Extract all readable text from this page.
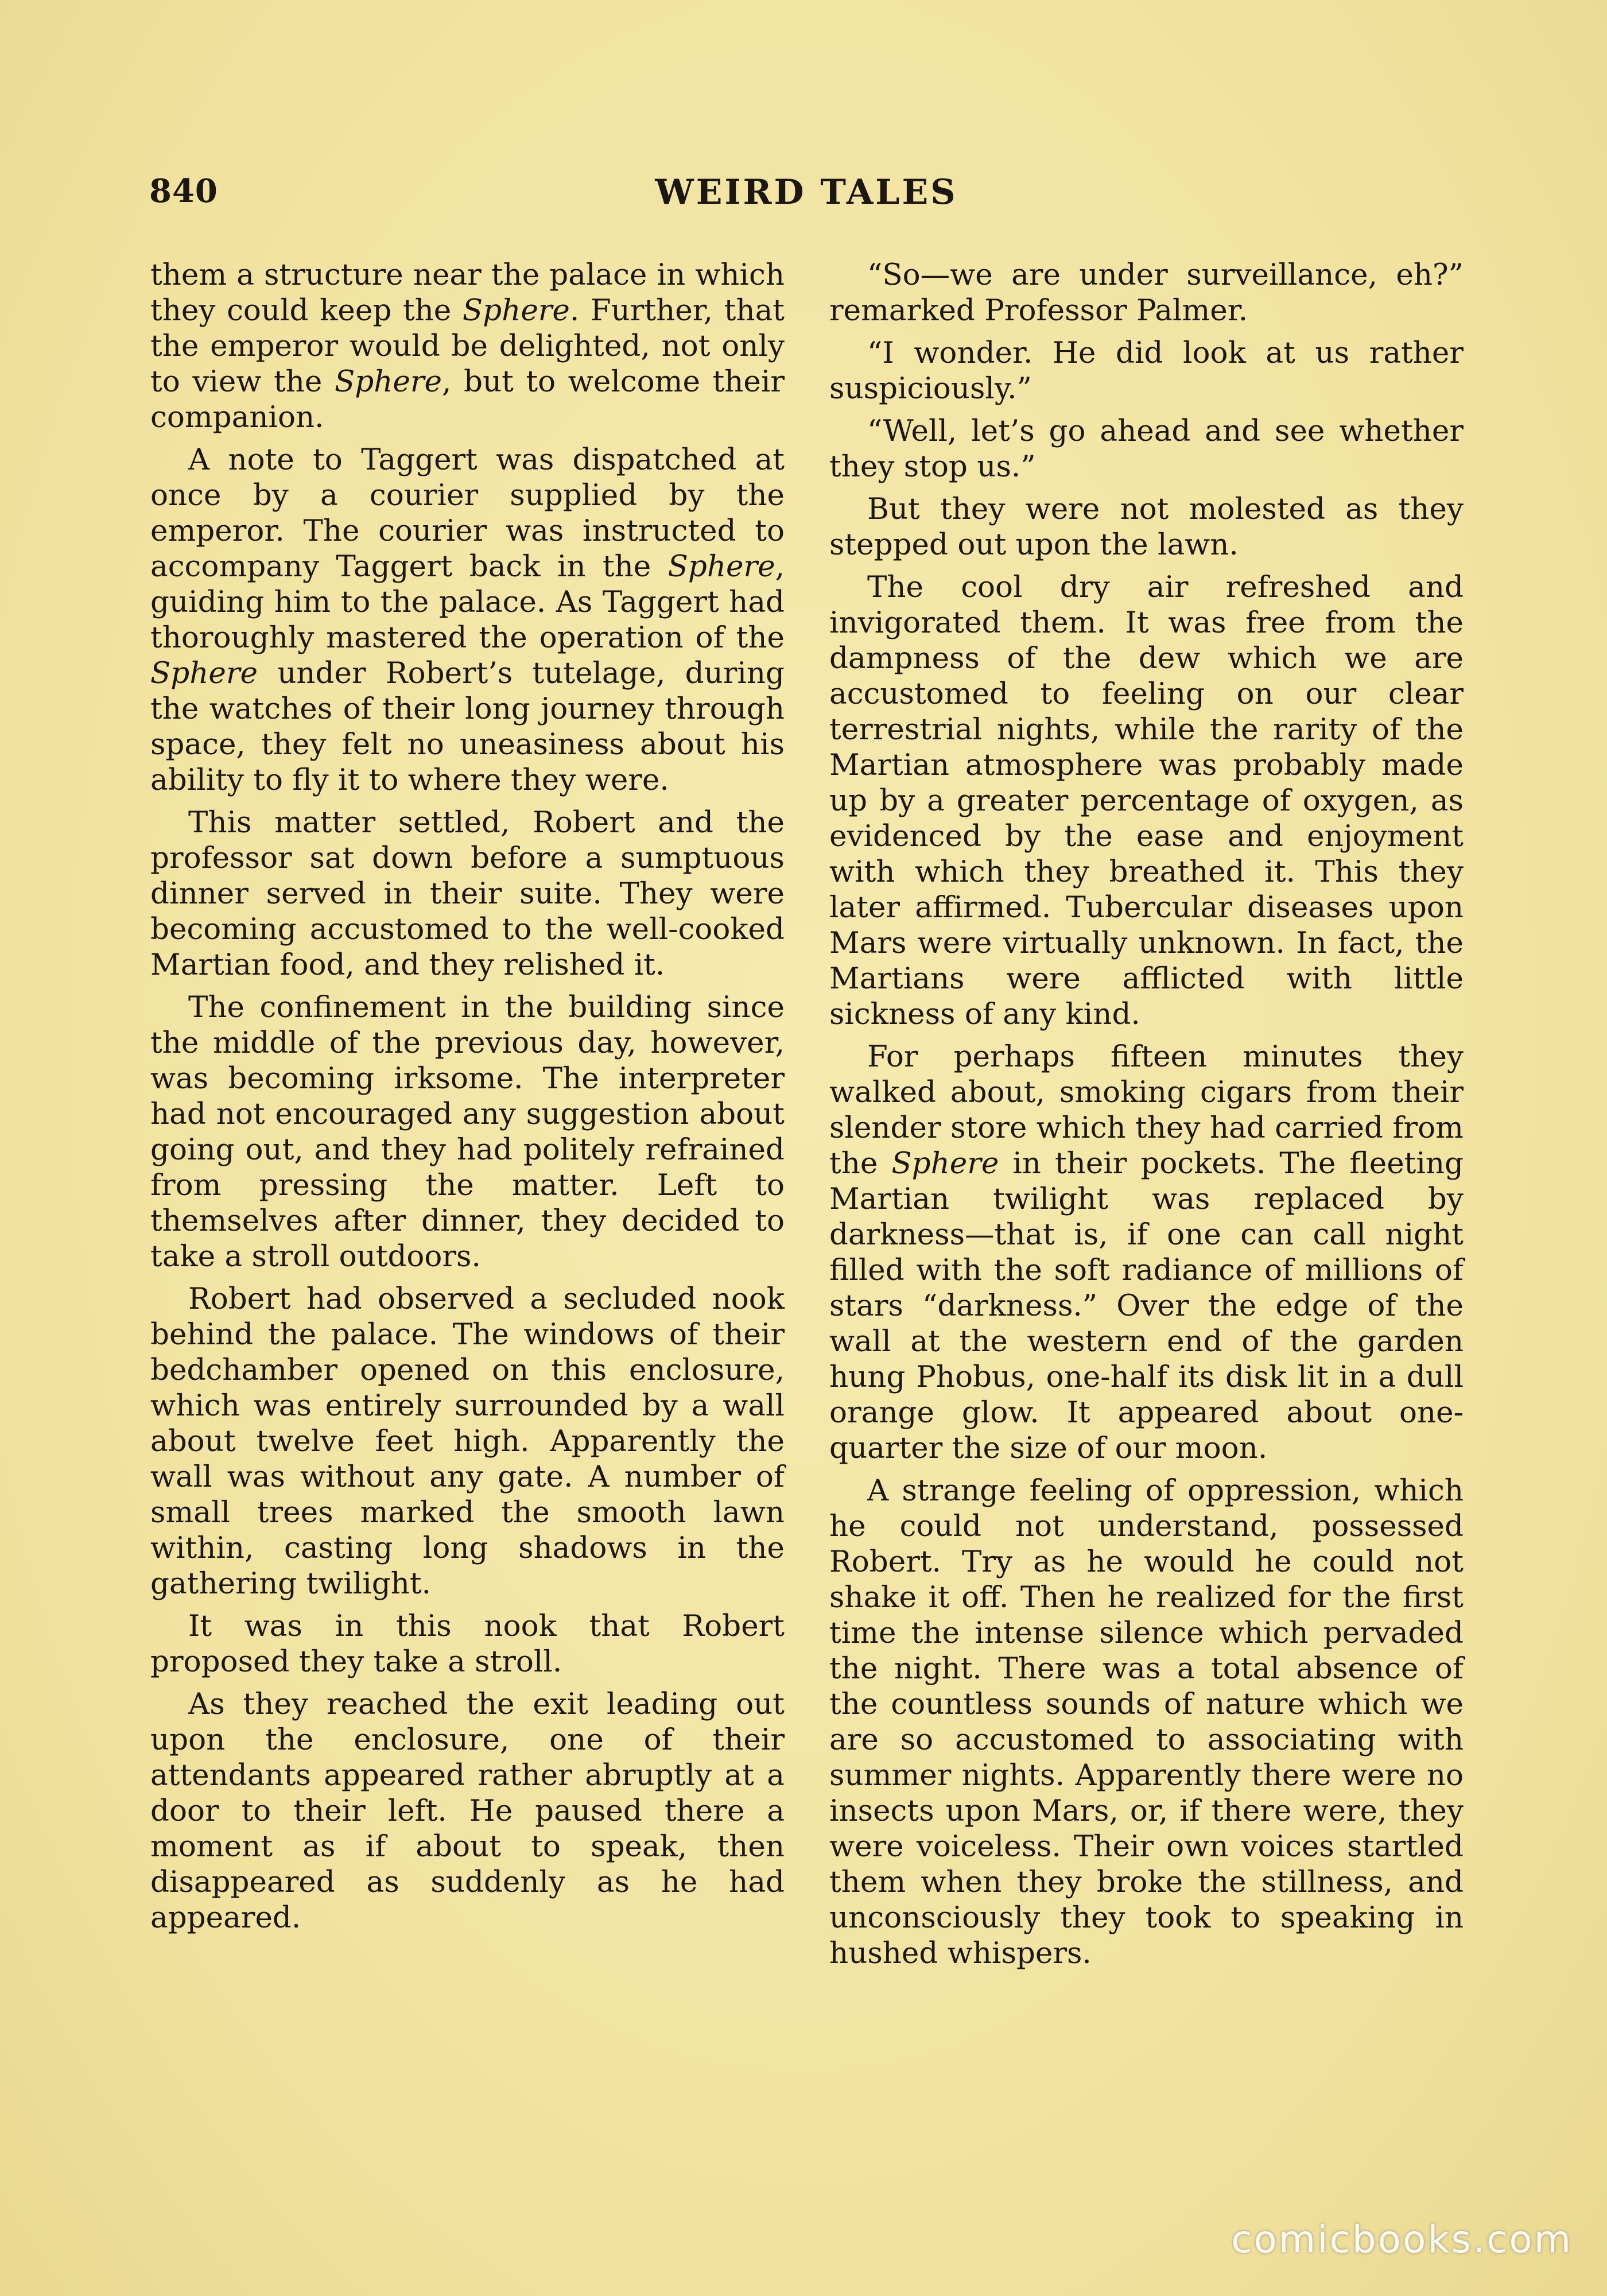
840	WEIRD TALES

them a structure near the palace in which they could keep the Sphere. Further, that the emperor would be delighted, not only to view the Sphere, but to welcome their companion.

A note to Taggert was dispatched at once by a courier supplied by the emperor. The courier was instructed to accompany Taggert back in the Sphere, guiding him to the palace. As Taggert had thoroughly mastered the operation of the Sphere under Robert’s tutelage, during the watches of their long journey through space, they felt no uneasiness about his ability to fly it to where they were.

This matter settled, Robert and the professor sat down before a sumptuous dinner served in their suite. They were becoming accustomed to the well-cooked Martian food, and they relished it.

The confinement in the building since the middle of the previous day, however, was becoming irksome. The interpreter had not encouraged any suggestion about going out, and they had politely refrained from pressing the matter. Left to themselves after dinner, they decided to take a stroll outdoors.

Robert had observed a secluded nook behind the palace. The windows of their bedchamber opened on this enclosure, which was entirely surrounded by a wall about twelve feet high. Apparently the wall was without any gate. A number of small trees marked the smooth lawn within, casting long shadows in the gathering twilight.

It was in this nook that Robert proposed they take a stroll.

As they reached the exit leading out upon the enclosure, one of their attendants appeared rather abruptly at a door to their left. He paused there a moment as if about to speak, then disappeared as suddenly as he had appeared.

“So—we are under surveillance, eh?” remarked Professor Palmer.

“I wonder. He did look at us rather suspiciously.”

“Well, let’s go ahead and see whether they stop us.”

But they were not molested as they stepped out upon the lawn.

The cool dry air refreshed and invigorated them. It was free from the dampness of the dew which we are accustomed to feeling on our clear terrestrial nights, while the rarity of the Martian atmosphere was probably made up by a greater percentage of oxygen, as evidenced by the ease and enjoyment with which they breathed it. This they later affirmed. Tubercular diseases upon Mars were virtually unknown. In fact, the Martians were afflicted with little sickness of any kind.

For perhaps fifteen minutes they walked about, smoking cigars from their slender store which they had carried from the Sphere in their pockets. The fleeting Martian twilight was replaced by darkness—that is, if one can call night filled with the soft radiance of millions of stars “darkness.” Over the edge of the wall at the western end of the garden hung Phobus, one-half its disk lit in a dull orange glow. It appeared about one-quarter the size of our moon.

A strange feeling of oppression, which he could not understand, possessed Robert. Try as he would he could not shake it off. Then he realized for the first time the intense silence which pervaded the night. There was a total absence of the countless sounds of nature which we are so accustomed to associating with summer nights. Apparently there were no insects upon Mars, or, if there were, they were voiceless. Their own voices startled them when they broke the stillness, and unconsciously they took to speaking in hushed whispers.

comicbooks.com
